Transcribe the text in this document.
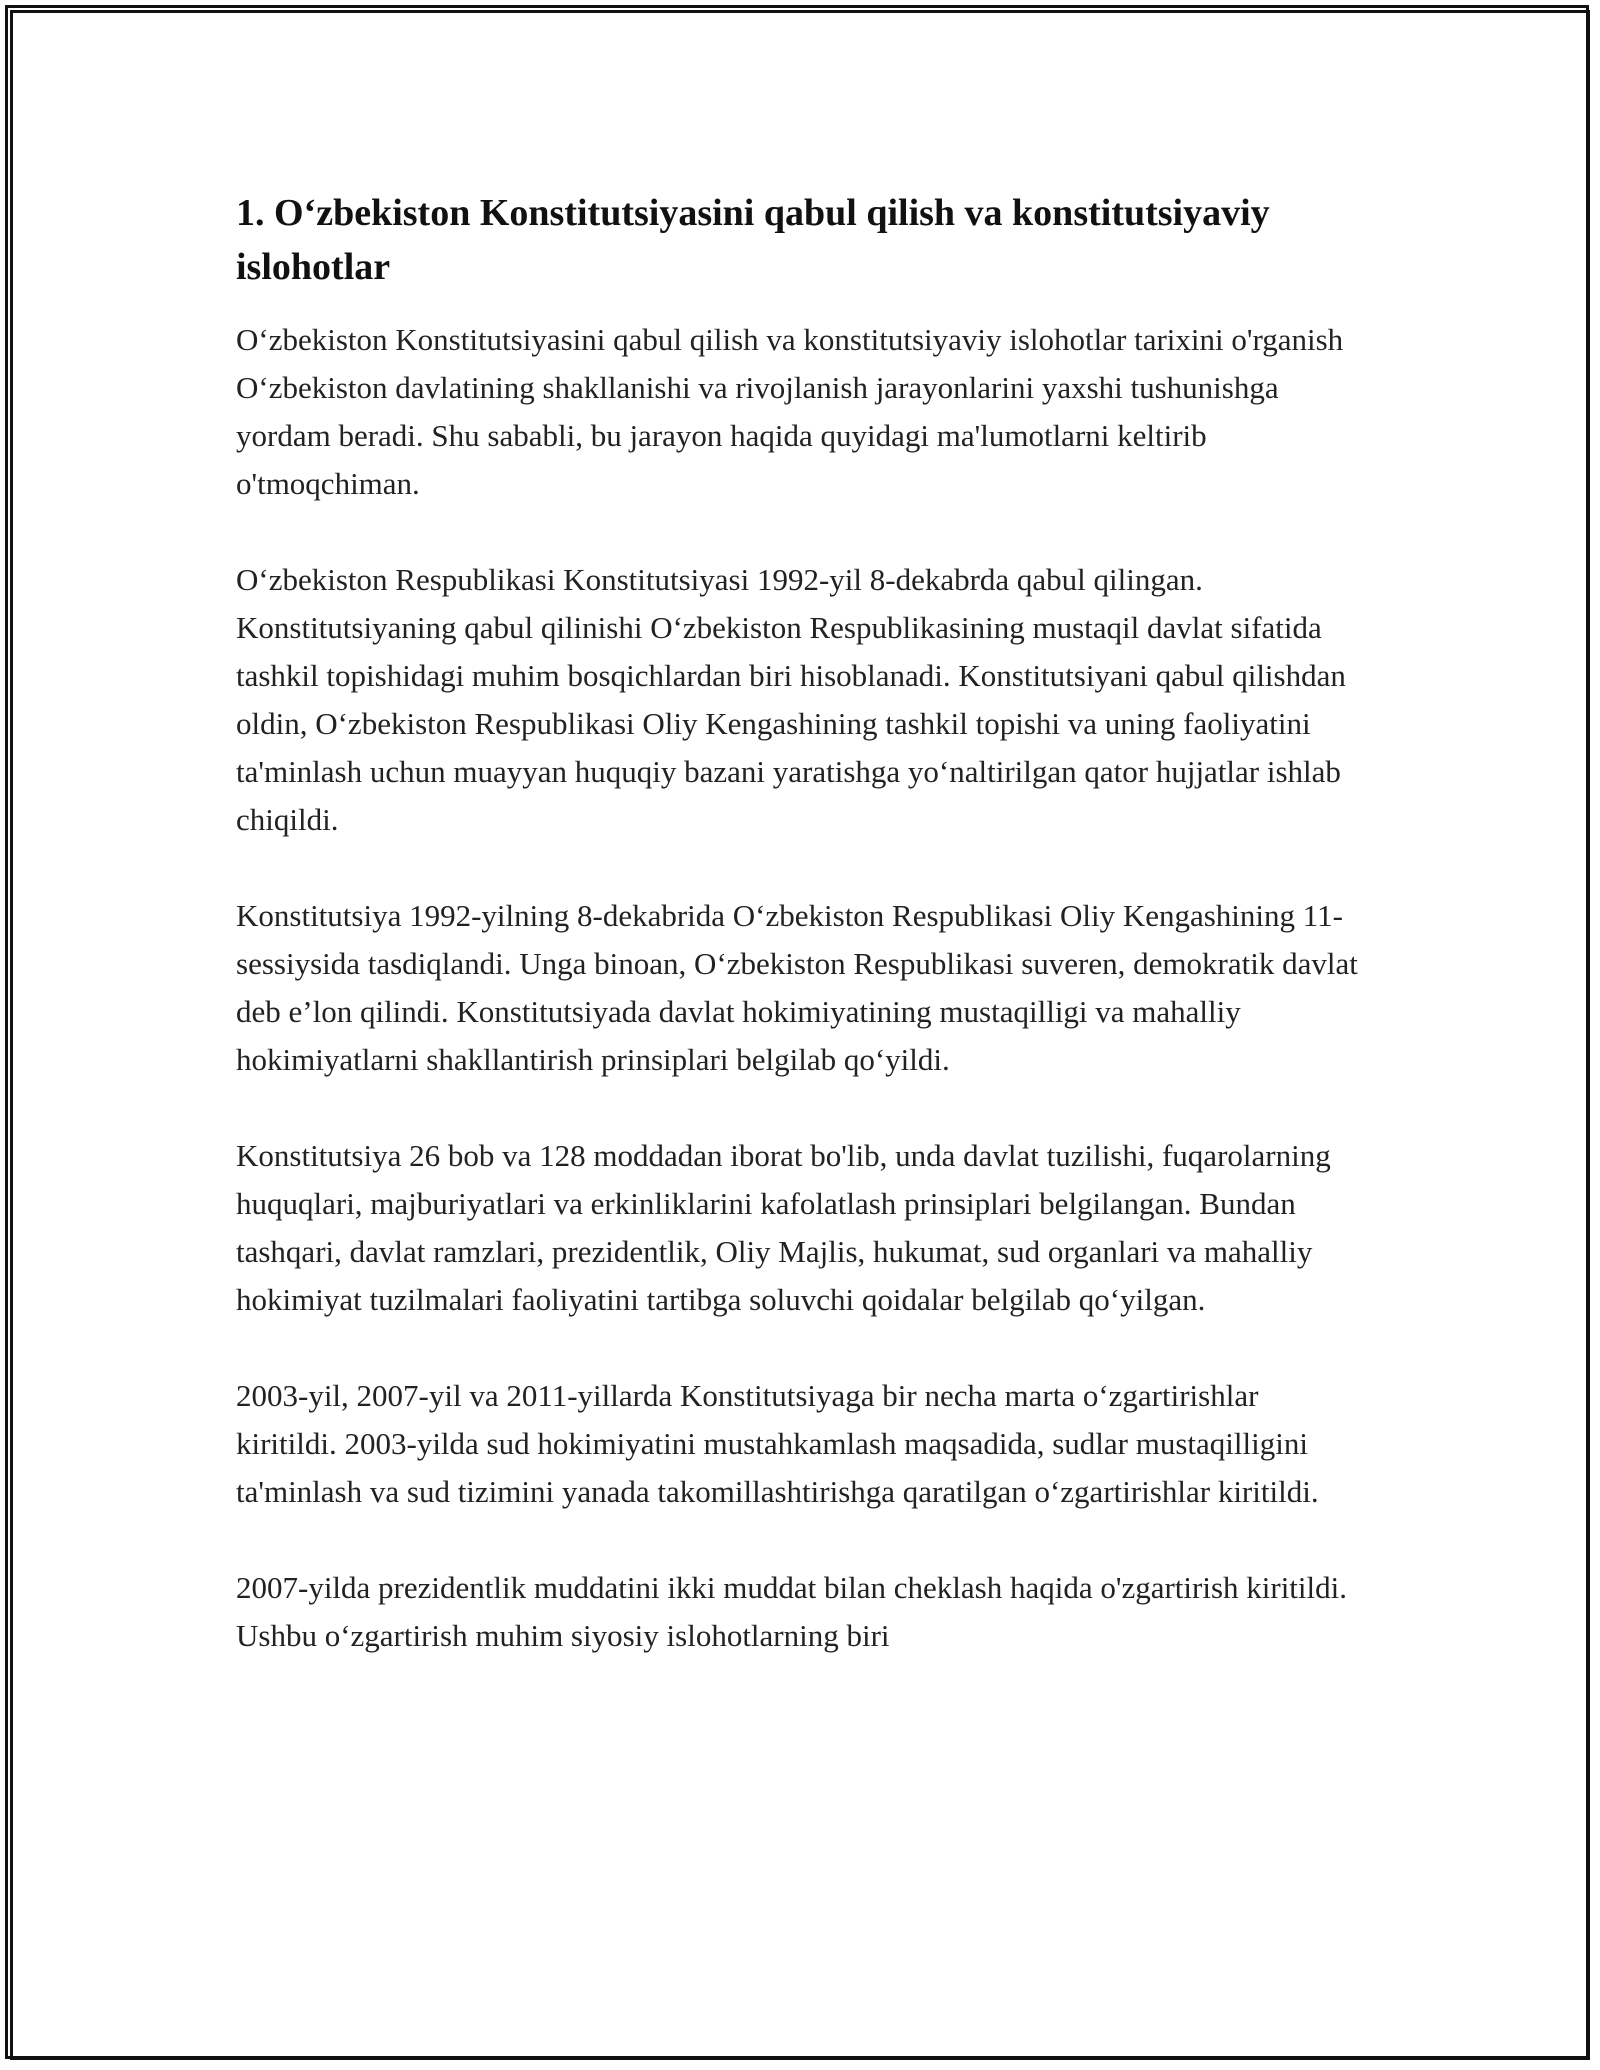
1. O‘zbekiston Konstitutsiyasini qabul qilish va konstitutsiyaviy islohotlar

O‘zbekiston Konstitutsiyasini qabul qilish va konstitutsiyaviy islohotlar tarixini o'rganish O‘zbekiston davlatining shakllanishi va rivojlanish jarayonlarini yaxshi tushunishga yordam beradi. Shu sababli, bu jarayon haqida quyidagi ma'lumotlarni keltirib o'tmoqchiman.

O‘zbekiston Respublikasi Konstitutsiyasi 1992-yil 8-dekabrda qabul qilingan. Konstitutsiyaning qabul qilinishi O‘zbekiston Respublikasining mustaqil davlat sifatida tashkil topishidagi muhim bosqichlardan biri hisoblanadi. Konstitutsiyani qabul qilishdan oldin, O‘zbekiston Respublikasi Oliy Kengashining tashkil topishi va uning faoliyatini ta'minlash uchun muayyan huquqiy bazani yaratishga yo‘naltirilgan qator hujjatlar ishlab chiqildi.

Konstitutsiya 1992-yilning 8-dekabrida O‘zbekiston Respublikasi Oliy Kengashining 11-sessiysida tasdiqlandi. Unga binoan, O‘zbekiston Respublikasi suveren, demokratik davlat deb e’lon qilindi. Konstitutsiyada davlat hokimiyatining mustaqilligi va mahalliy hokimiyatlarni shakllantirish prinsiplari belgilab qo‘yildi.

Konstitutsiya 26 bob va 128 moddadan iborat bo'lib, unda davlat tuzilishi, fuqarolarning huquqlari, majburiyatlari va erkinliklarini kafolatlash prinsiplari belgilangan. Bundan tashqari, davlat ramzlari, prezidentlik, Oliy Majlis, hukumat, sud organlari va mahalliy hokimiyat tuzilmalari faoliyatini tartibga soluvchi qoidalar belgilab qo‘yilgan.

2003-yil, 2007-yil va 2011-yillarda Konstitutsiyaga bir necha marta o‘zgartirishlar kiritildi. 2003-yilda sud hokimiyatini mustahkamlash maqsadida, sudlar mustaqilligini ta'minlash va sud tizimini yanada takomillashtirishga qaratilgan o‘zgartirishlar kiritildi.

2007-yilda prezidentlik muddatini ikki muddat bilan cheklash haqida o'zgartirish kiritildi. Ushbu o‘zgartirish muhim siyosiy islohotlarning biri
